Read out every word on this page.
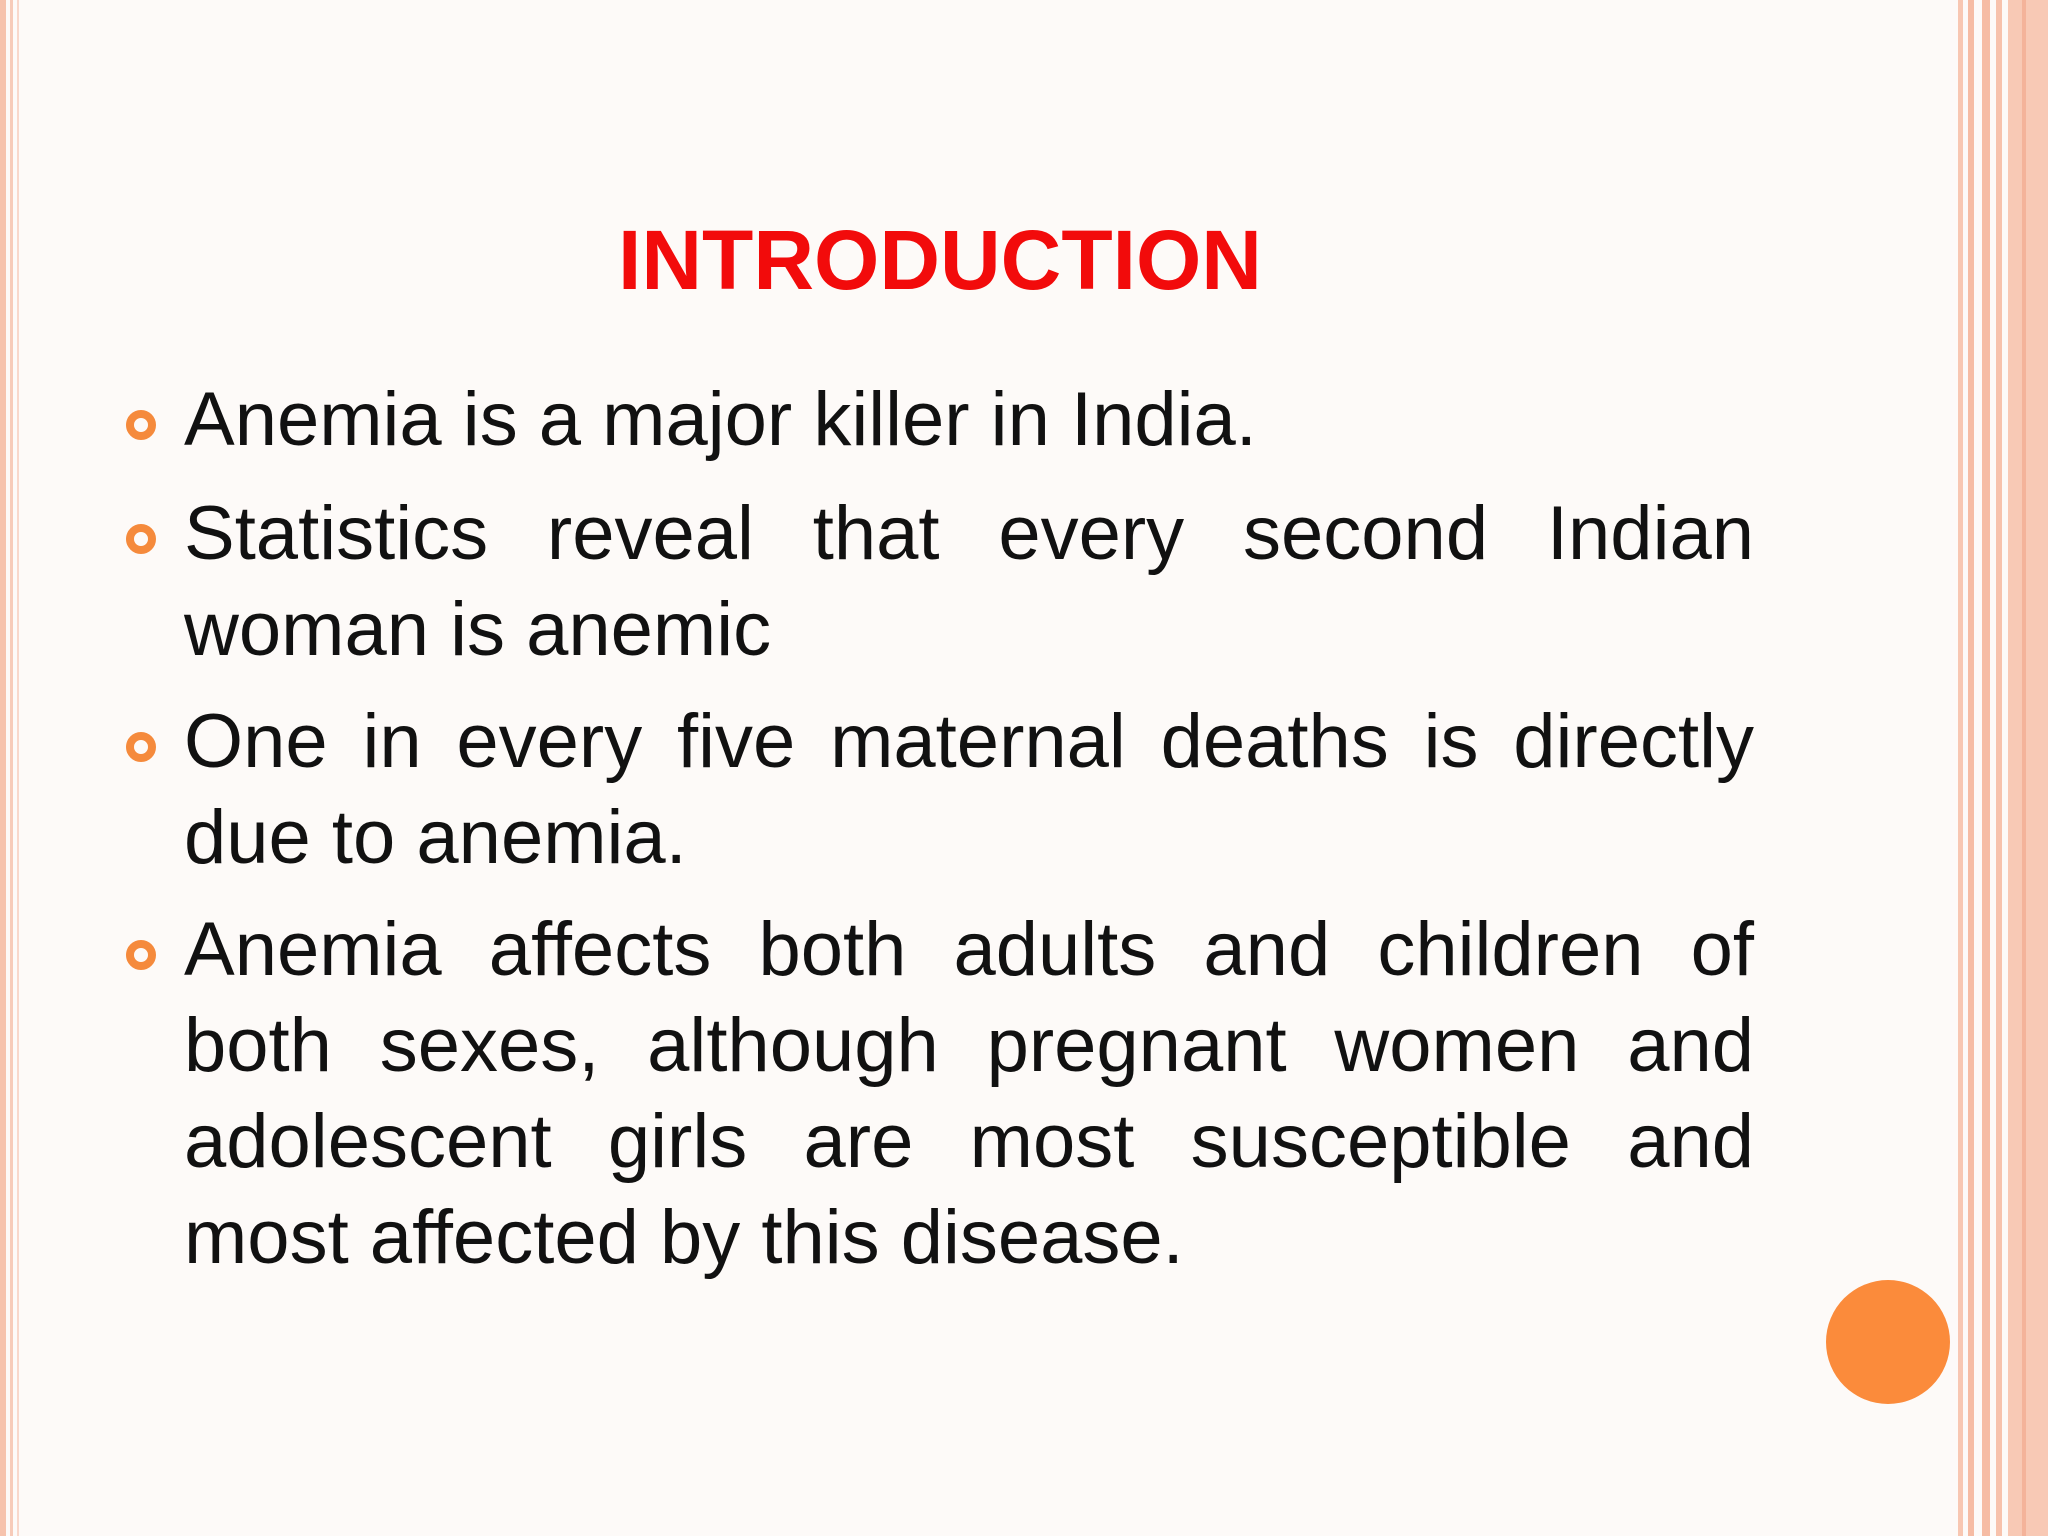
INTRODUCTION
Anemia is a major killer in India.
Statistics reveal that every second Indian woman is anemic
One in every five maternal deaths is directly due to anemia.
Anemia affects both adults and children of both sexes, although pregnant women and adolescent girls are most susceptible and most affected by this disease.
